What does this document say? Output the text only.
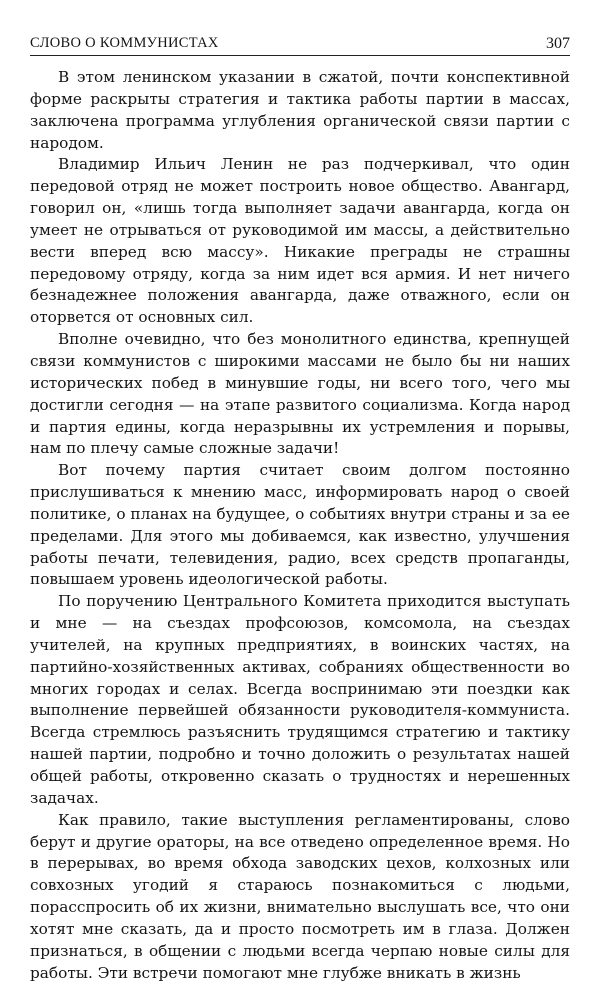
СЛОВО О КОММУНИСТАХ	307

В этом ленинском указании в сжатой, почти конспективной форме раскрыты стратегия и тактика работы партии в массах, заключена программа углубления органической связи партии с народом.

Владимир Ильич Ленин не раз подчеркивал, что один передовой отряд не может построить новое общество. Авангард, говорил он, «лишь тогда выполняет задачи авангарда, когда он умеет не отрываться от руководимой им массы, а действительно вести вперед всю массу». Никакие преграды не страшны передовому отряду, когда за ним идет вся армия. И нет ничего безнадежнее положения авангарда, даже отважного, если он оторвется от основных сил.

Вполне очевидно, что без монолитного единства, крепнущей связи коммунистов с широкими массами не было бы ни наших исторических побед в минувшие годы, ни всего того, чего мы достигли сегодня — на этапе развитого социализма. Когда народ и партия едины, когда неразрывны их устремления и порывы, нам по плечу самые сложные задачи!

Вот почему партия считает своим долгом постоянно прислушиваться к мнению масс, информировать народ о своей политике, о планах на будущее, о событиях внутри страны и за ее пределами. Для этого мы добиваемся, как известно, улучшения работы печати, телевидения, радио, всех средств пропаганды, повышаем уровень идеологической работы.

По поручению Центрального Комитета приходится выступать и мне — на съездах профсоюзов, комсомола, на съездах учителей, на крупных предприятиях, в воинских частях, на партийно-хозяйственных активах, собраниях общественности во многих городах и селах. Всегда воспринимаю эти поездки как выполнение первейшей обязанности руководителя-коммуниста. Всегда стремлюсь разъяснить трудящимся стратегию и тактику нашей партии, подробно и точно доложить о результатах нашей общей работы, откровенно сказать о трудностях и нерешенных задачах.

Как правило, такие выступления регламентированы, слово берут и другие ораторы, на все отведено определенное время. Но в перерывах, во время обхода заводских цехов, колхозных или совхозных угодий я стараюсь познакомиться с людьми, порасспросить об их жизни, внимательно выслушать все, что они хотят мне сказать, да и просто посмотреть им в глаза. Должен признаться, в общении с людьми всегда черпаю новые силы для работы. Эти встречи помогают мне глубже вникать в жизнь
